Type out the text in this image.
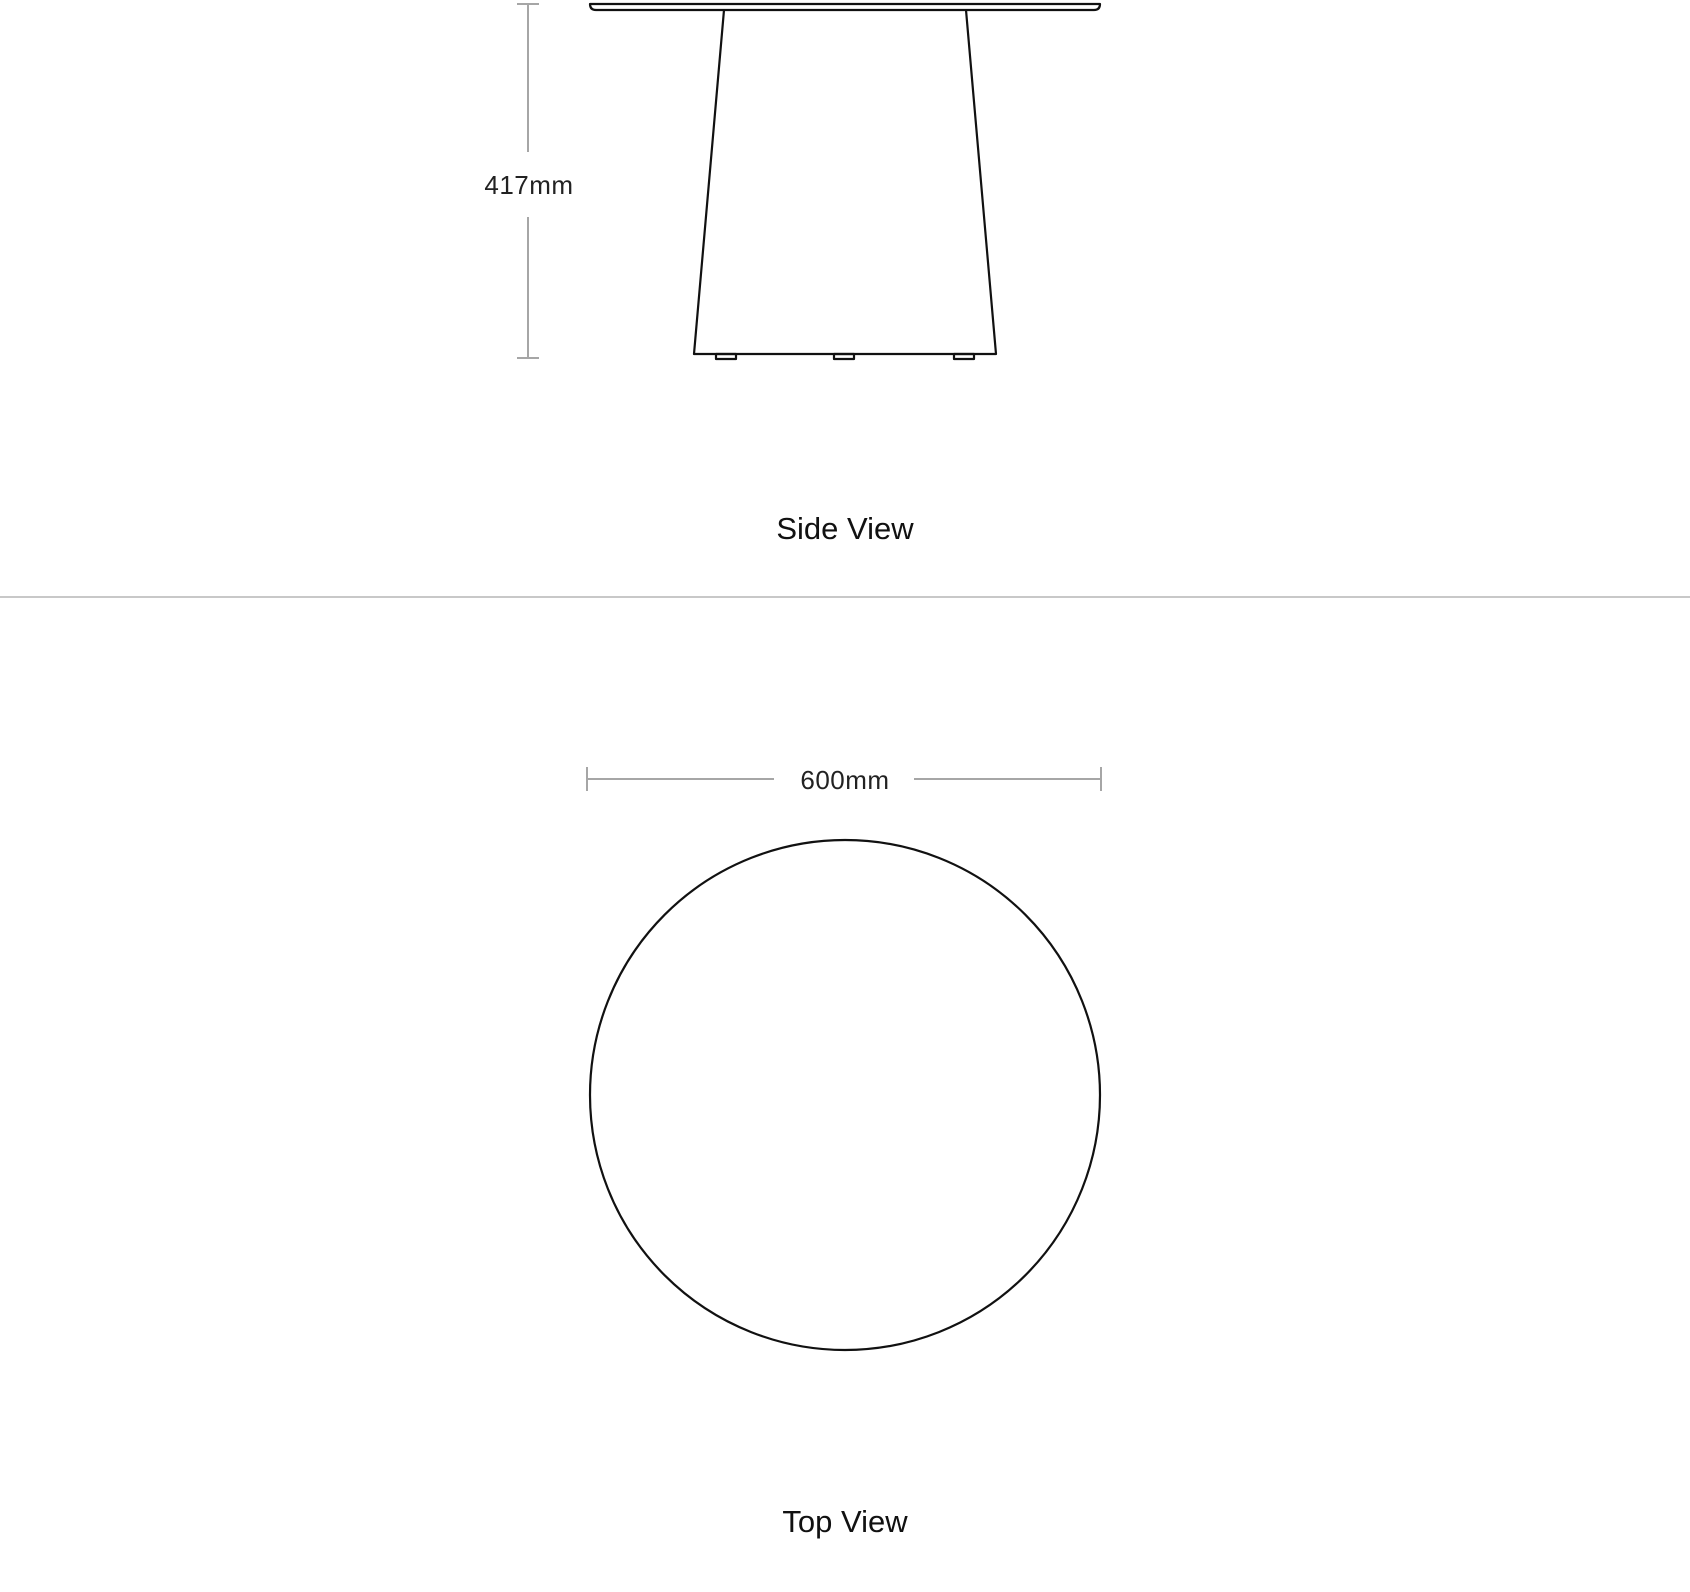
417mm
600mm
Side View
Top View
